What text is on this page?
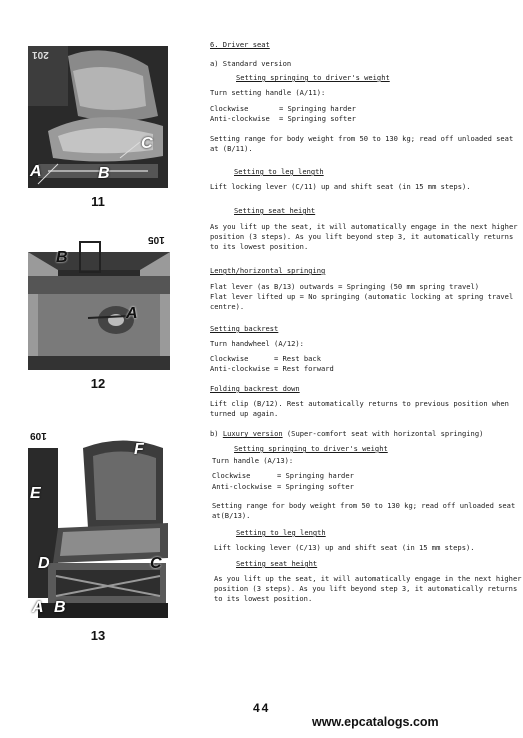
201
A	B
C
11
105
B
A
12
109
F
E
D	C
A B
13
6. Driver seat
a) Standard version
Setting springing to driver's weight
Turn setting handle (A/11):
Clockwise	= Springing harder
Anti-clockwise = Springing softer
Setting range for body weight from 50 to 130 kg; read off unloaded seat
at (B/11).
Setting to leg length
Lift locking lever (C/11) up and shift seat (in 15 mm steps).
Setting seat height
As you lift up the seat, it will automatically engage in the next higher
position (3 steps). As you lift beyond step 3, it automatically returns
to its lowest position.
Length/horizontal springing
Flat lever (as B/13) outwards = Springing (50 mm spring travel)
Flat lever lifted up = No springing (automatic locking at spring travel
centre).
Setting backrest
Turn handwheel (A/12):
Clockwise	= Rest back
Anti-clockwise = Rest forward
Folding backrest down
Lift clip (B/12). Rest automatically returns to previous position when
turned up again.
b) Luxury version (Super-comfort seat with horizontal springing)
Setting springing to driver's weight
Turn handle (A/13):
Clockwise	= Springing harder
Anti-clockwise = Springing softer
Setting range for body weight from 50 to 130 kg; read off unloaded seat
at(B/13).
Setting to leg length
Lift locking lever (C/13) up and shift seat (in 15 mm steps).
Setting seat height
As you lift up the seat, it will automatically engage in the next higher
position (3 steps). As you lift beyond step 3, it automatically returns
to its lowest position.
44
www.epcatalogs.com
